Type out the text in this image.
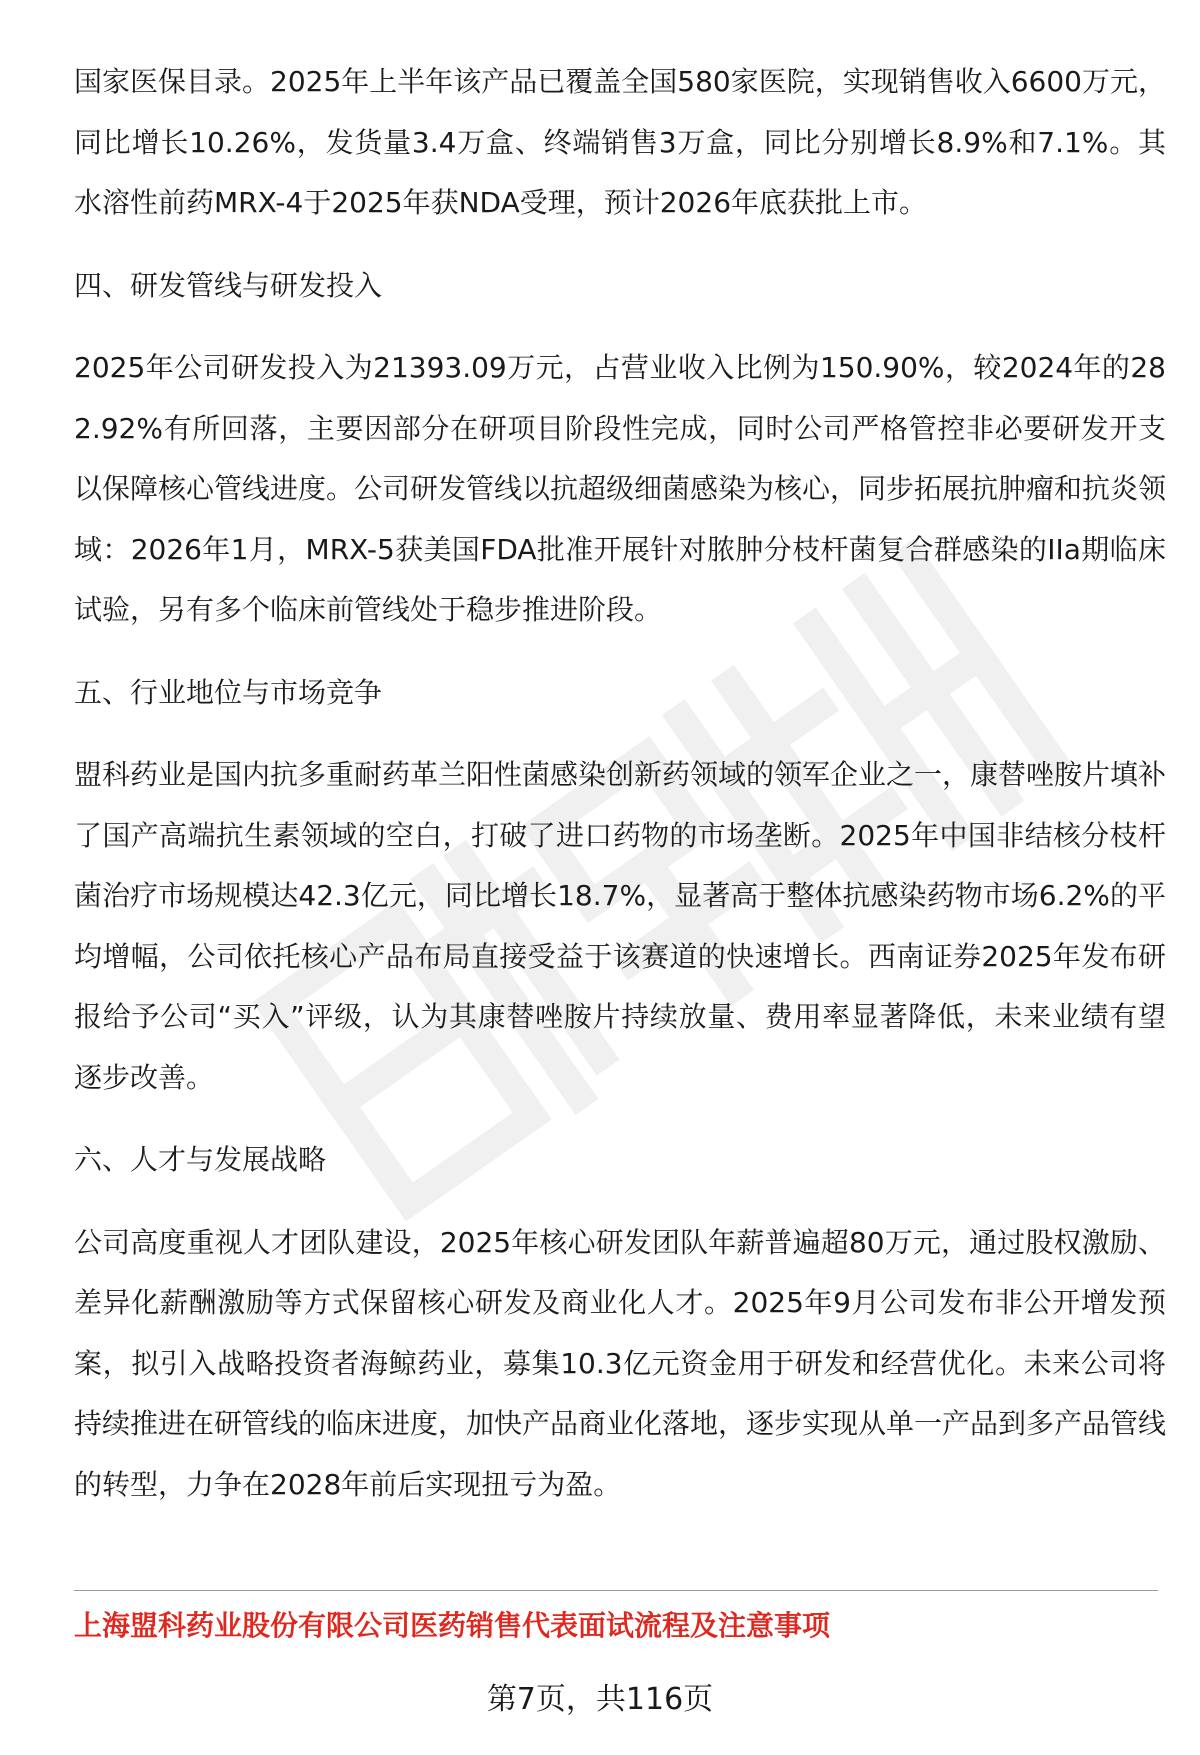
国家医保目录。2025年上半年该产品已覆盖全国580家医院，实现销售收入6600万元，同比增长10.26%，发货量3.4万盒、终端销售3万盒，同比分别增长8.9%和7.1%。其水溶性前药MRX-4于2025年获NDA受理，预计2026年底获批上市。

四、研发管线与研发投入

2025年公司研发投入为21393.09万元，占营业收入比例为150.90%，较2024年的282.92%有所回落，主要因部分在研项目阶段性完成，同时公司严格管控非必要研发开支以保障核心管线进度。公司研发管线以抗超级细菌感染为核心，同步拓展抗肿瘤和抗炎领域：2026年1月，MRX-5获美国FDA批准开展针对脓肿分枝杆菌复合群感染的IIa期临床试验，另有多个临床前管线处于稳步推进阶段。

五、行业地位与市场竞争

盟科药业是国内抗多重耐药革兰阳性菌感染创新药领域的领军企业之一，康替唑胺片填补了国产高端抗生素领域的空白，打破了进口药物的市场垄断。2025年中国非结核分枝杆菌治疗市场规模达42.3亿元，同比增长18.7%，显著高于整体抗感染药物市场6.2%的平均增幅，公司依托核心产品布局直接受益于该赛道的快速增长。西南证券2025年发布研报给予公司“买入”评级，认为其康替唑胺片持续放量、费用率显著降低，未来业绩有望逐步改善。

六、人才与发展战略

公司高度重视人才团队建设，2025年核心研发团队年薪普遍超80万元，通过股权激励、差异化薪酬激励等方式保留核心研发及商业化人才。2025年9月公司发布非公开增发预案，拟引入战略投资者海鲸药业，募集10.3亿元资金用于研发和经营优化。未来公司将持续推进在研管线的临床进度，加快产品商业化落地，逐步实现从单一产品到多产品管线的转型，力争在2028年前后实现扭亏为盈。

上海盟科药业股份有限公司医药销售代表面试流程及注意事项
第7页，共116页
